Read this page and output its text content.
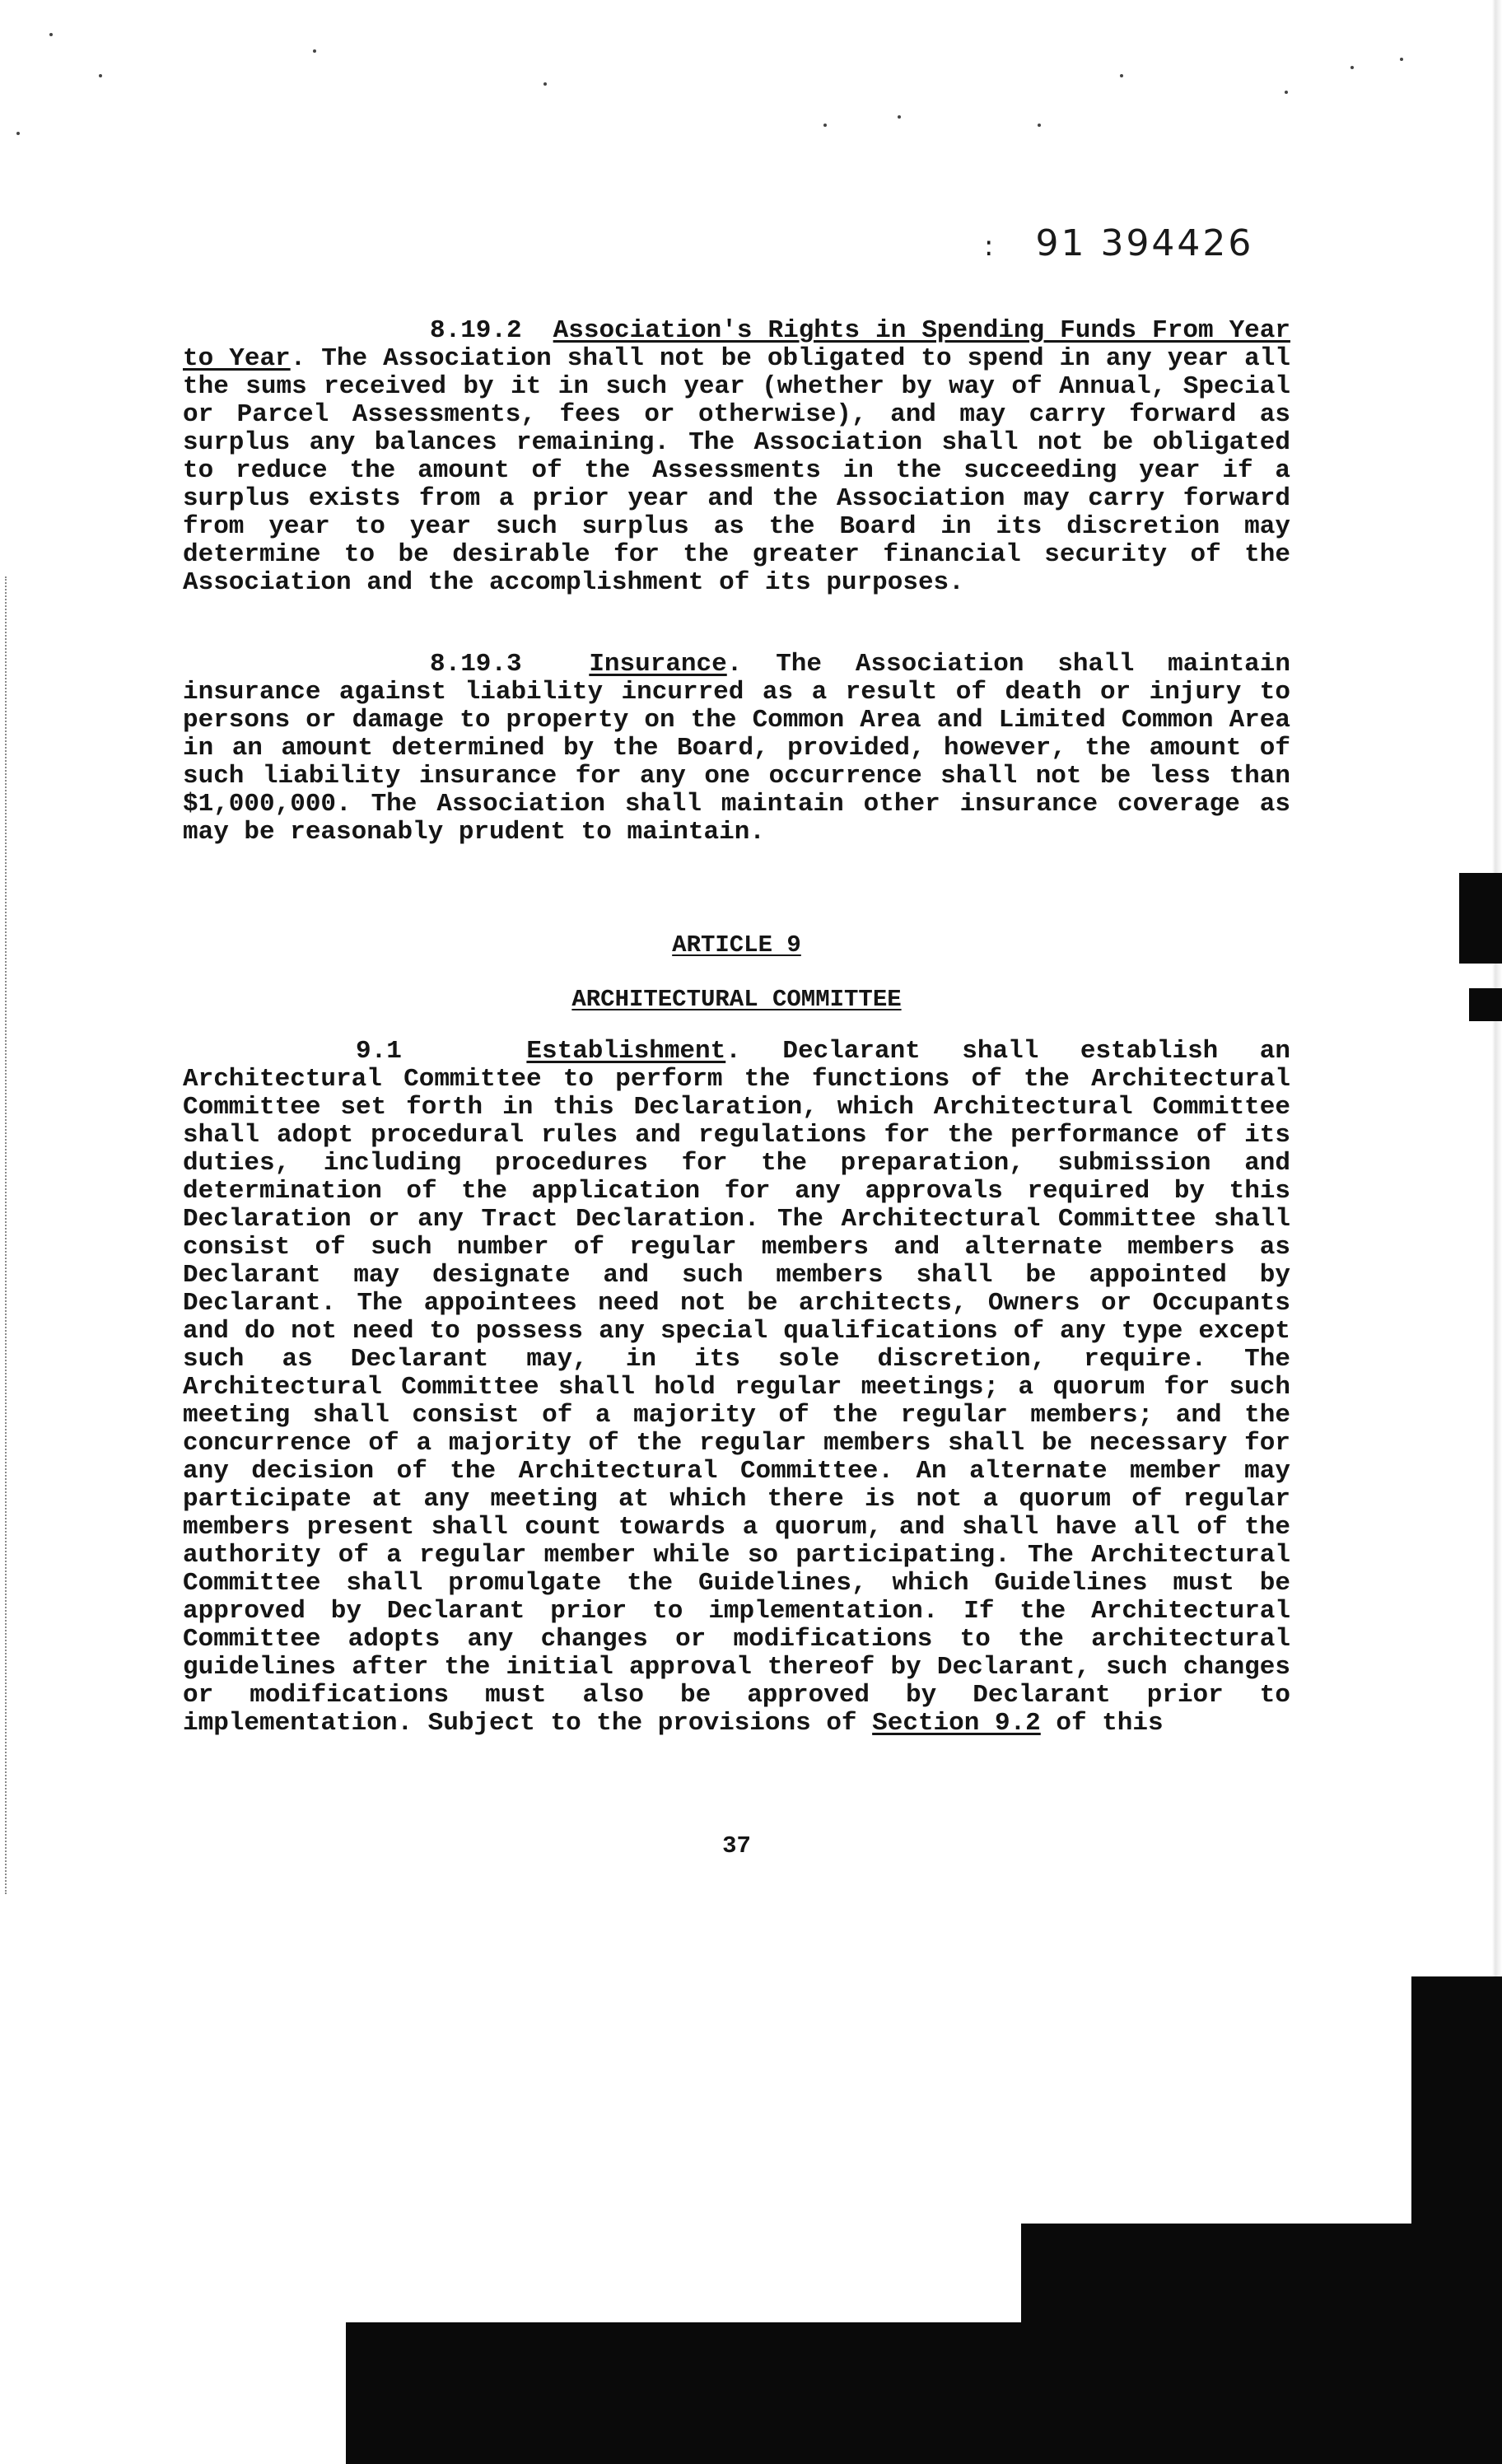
: 91 394426
8.19.2 Association's Rights in Spending Funds From Year to Year. The Association shall not be obligated to spend in any year all the sums received by it in such year (whether by way of Annual, Special or Parcel Assessments, fees or otherwise), and may carry forward as surplus any balances remaining. The Association shall not be obligated to reduce the amount of the Assessments in the succeeding year if a surplus exists from a prior year and the Association may carry forward from year to year such surplus as the Board in its discretion may determine to be desirable for the greater financial security of the Association and the accomplishment of its purposes.
8.19.3	Insurance. The Association shall maintain insurance against liability incurred as a result of death or injury to persons or damage to property on the Common Area and Limited Common Area in an amount determined by the Board, provided, however, the amount of such liability insurance for any one occurrence shall not be less than $1,000,000. The Association shall maintain other insurance coverage as may be reasonably prudent to maintain.
ARTICLE 9
ARCHITECTURAL COMMITTEE
9.1	Establishment. Declarant shall establish an Architectural Committee to perform the functions of the Architectural Committee set forth in this Declaration, which Architectural Committee shall adopt procedural rules and regulations for the performance of its duties, including procedures for the preparation, submission and determination of the application for any approvals required by this Declaration or any Tract Declaration. The Architectural Committee shall consist of such number of regular members and alternate members as Declarant may designate and such members shall be appointed by Declarant. The appointees need not be architects, Owners or Occupants and do not need to possess any special qualifications of any type except such as Declarant may, in its sole discretion, require. The Architectural Committee shall hold regular meetings; a quorum for such meeting shall consist of a majority of the regular members; and the concurrence of a majority of the regular members shall be necessary for any decision of the Architectural Committee. An alternate member may participate at any meeting at which there is not a quorum of regular members present shall count towards a quorum, and shall have all of the authority of a regular member while so participating. The Architectural Committee shall promulgate the Guidelines, which Guidelines must be approved by Declarant prior to implementation. If the Architectural Committee adopts any changes or modifications to the architectural guidelines after the initial approval thereof by Declarant, such changes or modifications must also be approved by Declarant prior to implementation. Subject to the provisions of Section 9.2 of this
37
